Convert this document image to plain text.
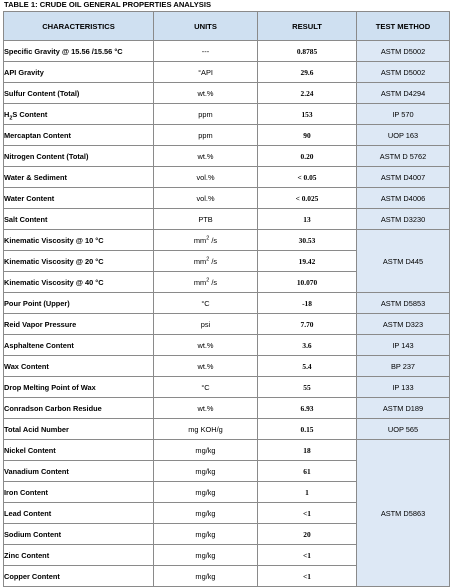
TABLE 1: CRUDE OIL GENERAL PROPERTIES ANALYSIS
CHARACTERISTICS	UNITS	RESULT	TEST METHOD
Specific Gravity @ 15.56 /15.56 °C	---	0.8785	ASTM D5002
API Gravity	°API	29.6	ASTM D5002
Sulfur Content (Total)	wt.%	2.24	ASTM D4294
$H_2S$ Content	ppm	153	IP 570
Mercaptan Content	ppm	90	UOP 163
Nitrogen Content (Total)	wt.%	0.20	ASTM D 5762
Water & Sediment	vol.%	< 0.05	ASTM D4007
Water Content	vol.%	< 0.025	ASTM D4006
Salt Content	PTB	13	ASTM D3230
Kinematic Viscosity @ 10 °C	$mm^2$ /s	30.53	ASTM D445
Kinematic Viscosity @ 20 °C	$mm^2$ /s	19.42	
Kinematic Viscosity @ 40 °C	$mm^2$ /s	10.070	
Pour Point (Upper)	°C	-18	ASTM D5853
Reid Vapor Pressure	psi	7.70	ASTM D323
Asphaltene Content	wt.%	3.6	IP 143
Wax Content	wt.%	5.4	BP 237
Drop Melting Point of Wax	°C	55	IP 133
Conradson Carbon Residue	wt.%	6.93	ASTM D189
Total Acid Number	mg KOH/g	0.15	UOP 565
Nickel Content	mg/kg	18	ASTM D5863
Vanadium Content	mg/kg	61	
Iron Content	mg/kg	1	
Lead Content	mg/kg	<1	
Sodium Content	mg/kg	20	
Zinc Content	mg/kg	<1	
Copper Content	mg/kg	<1	
